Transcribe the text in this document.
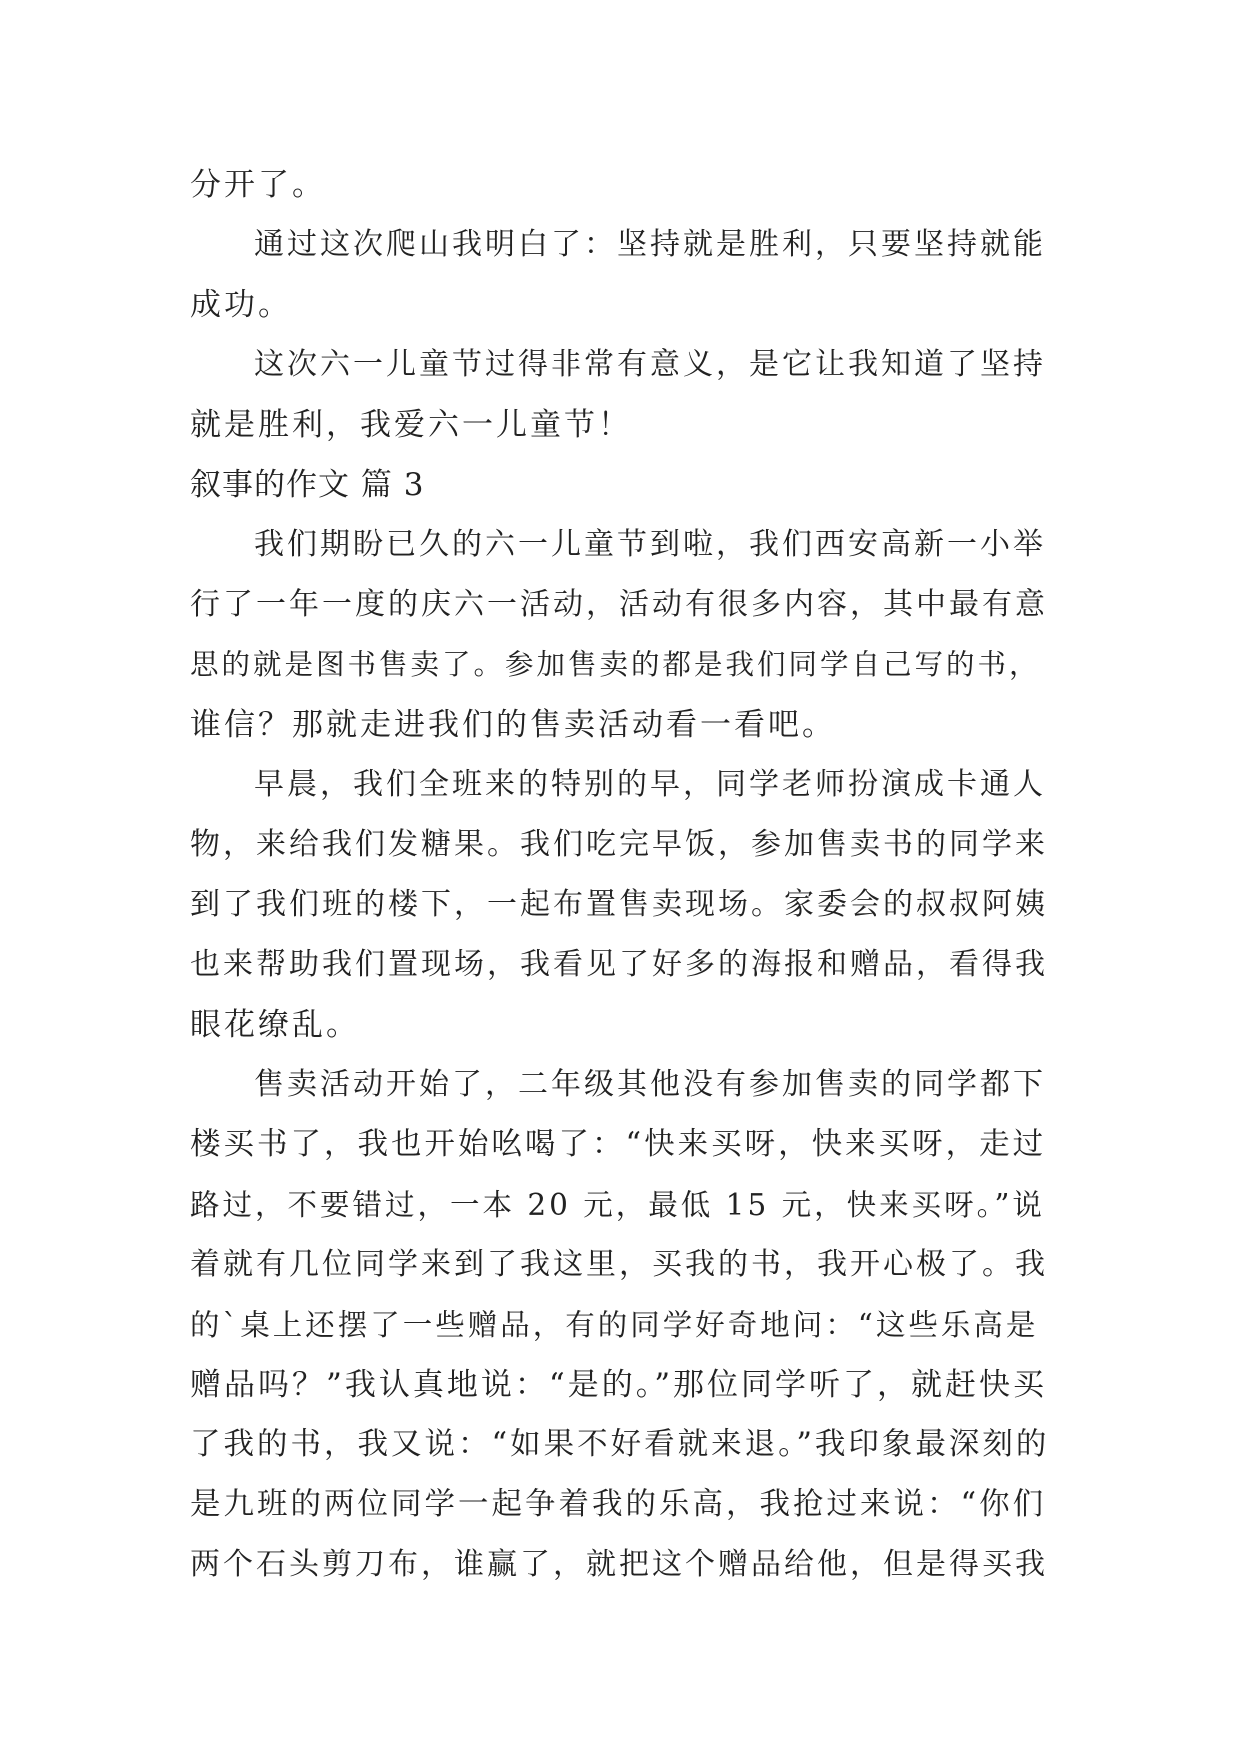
分开了。
通过这次爬山我明白了：坚持就是胜利，只要坚持就能
成功。
这次六一儿童节过得非常有意义，是它让我知道了坚持
就是胜利，我爱六一儿童节！
叙事的作文 篇 3
我们期盼已久的六一儿童节到啦，我们西安高新一小举
行了一年一度的庆六一活动，活动有很多内容，其中最有意
思的就是图书售卖了。参加售卖的都是我们同学自己写的书，
谁信？那就走进我们的售卖活动看一看吧。
早晨，我们全班来的特别的早，同学老师扮演成卡通人
物，来给我们发糖果。我们吃完早饭，参加售卖书的同学来
到了我们班的楼下，一起布置售卖现场。家委会的叔叔阿姨
也来帮助我们置现场，我看见了好多的海报和赠品，看得我
眼花缭乱。
售卖活动开始了，二年级其他没有参加售卖的同学都下
楼买书了，我也开始吆喝了：“快来买呀，快来买呀，走过
路过，不要错过，一本 20 元，最低 15 元，快来买呀。”说
着就有几位同学来到了我这里，买我的书，我开心极了。我
的`桌上还摆了一些赠品，有的同学好奇地问：“这些乐高是
赠品吗？”我认真地说：“是的。”那位同学听了，就赶快买
了我的书，我又说：“如果不好看就来退。”我印象最深刻的
是九班的两位同学一起争着我的乐高，我抢过来说：“你们
两个石头剪刀布，谁赢了，就把这个赠品给他，但是得买我
